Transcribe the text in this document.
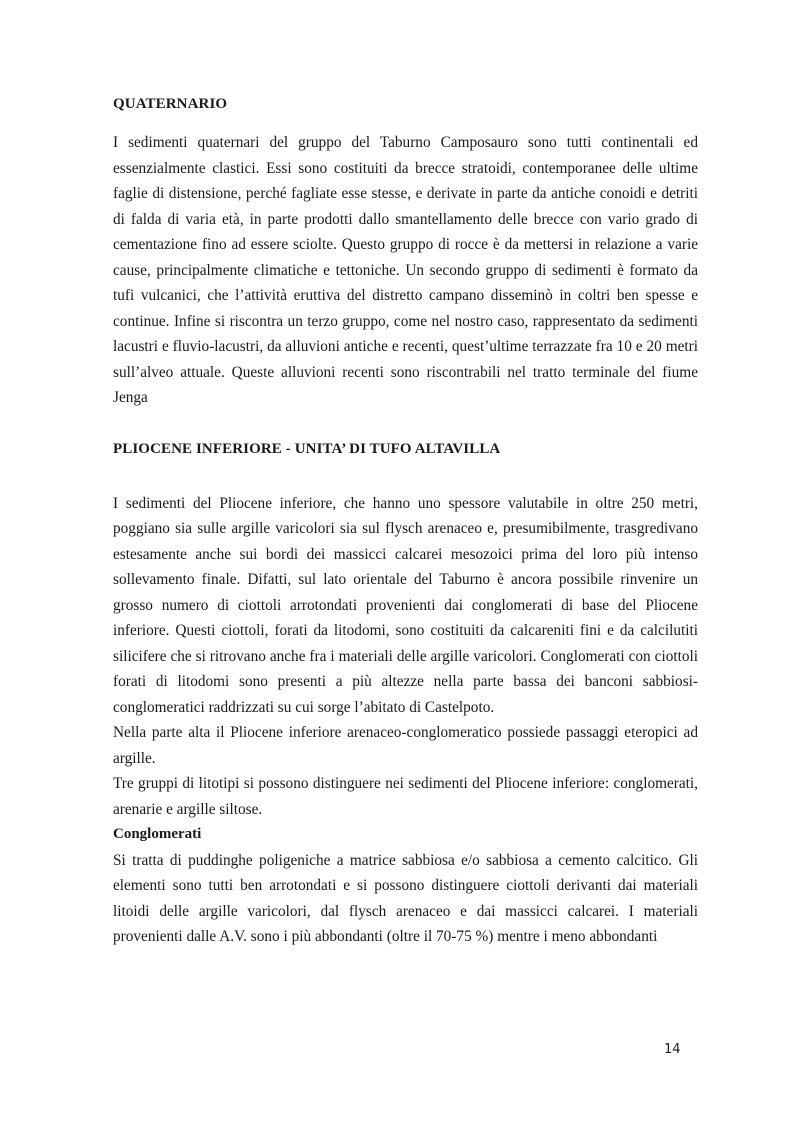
QUATERNARIO

I sedimenti quaternari del gruppo del Taburno Camposauro sono tutti continentali ed essenzialmente clastici. Essi sono costituiti da brecce stratoidi, contemporanee delle ultime faglie di distensione, perché fagliate esse stesse, e derivate in parte da antiche conoidi e detriti di falda di varia età, in parte prodotti dallo smantellamento delle brecce con vario grado di cementazione fino ad essere sciolte. Questo gruppo di rocce è da mettersi in relazione a varie cause, principalmente climatiche e tettoniche. Un secondo gruppo di sedimenti è formato da tufi vulcanici, che l’attività eruttiva del distretto campano disseminò in coltri ben spesse e continue. Infine si riscontra un terzo gruppo, come nel nostro caso, rappresentato da sedimenti lacustri e fluvio-lacustri, da alluvioni antiche e recenti, quest’ultime terrazzate fra 10 e 20 metri sull’alveo attuale. Queste alluvioni recenti sono riscontrabili nel tratto terminale del fiume Jenga

PLIOCENE INFERIORE - UNITA’ DI TUFO ALTAVILLA

I sedimenti del Pliocene inferiore, che hanno uno spessore valutabile in oltre 250 metri, poggiano sia sulle argille varicolori sia sul flysch arenaceo e, presumibilmente, trasgredivano estesamente anche sui bordi dei massicci calcarei mesozoici prima del loro più intenso sollevamento finale. Difatti, sul lato orientale del Taburno è ancora possibile rinvenire un grosso numero di ciottoli arrotondati provenienti dai conglomerati di base del Pliocene inferiore. Questi ciottoli, forati da litodomi, sono costituiti da calcareniti fini e da calcilutiti silicifere che si ritrovano anche fra i materiali delle argille varicolori. Conglomerati con ciottoli forati di litodomi sono presenti a più altezze nella parte bassa dei banconi sabbiosi-conglomeratici raddrizzati su cui sorge l’abitato di Castelpoto.

Nella parte alta il Pliocene inferiore arenaceo-conglomeratico possiede passaggi eteropici ad argille.

Tre gruppi di litotipi si possono distinguere nei sedimenti del Pliocene inferiore: conglomerati, arenarie e argille siltose.

Conglomerati

Si tratta di puddinghe poligeniche a matrice sabbiosa e/o sabbiosa a cemento calcitico. Gli elementi sono tutti ben arrotondati e si possono distinguere ciottoli derivanti dai materiali litoidi delle argille varicolori, dal flysch arenaceo e dai massicci calcarei. I materiali provenienti dalle A.V. sono i più abbondanti (oltre il 70-75 %) mentre i meno abbondanti

14
